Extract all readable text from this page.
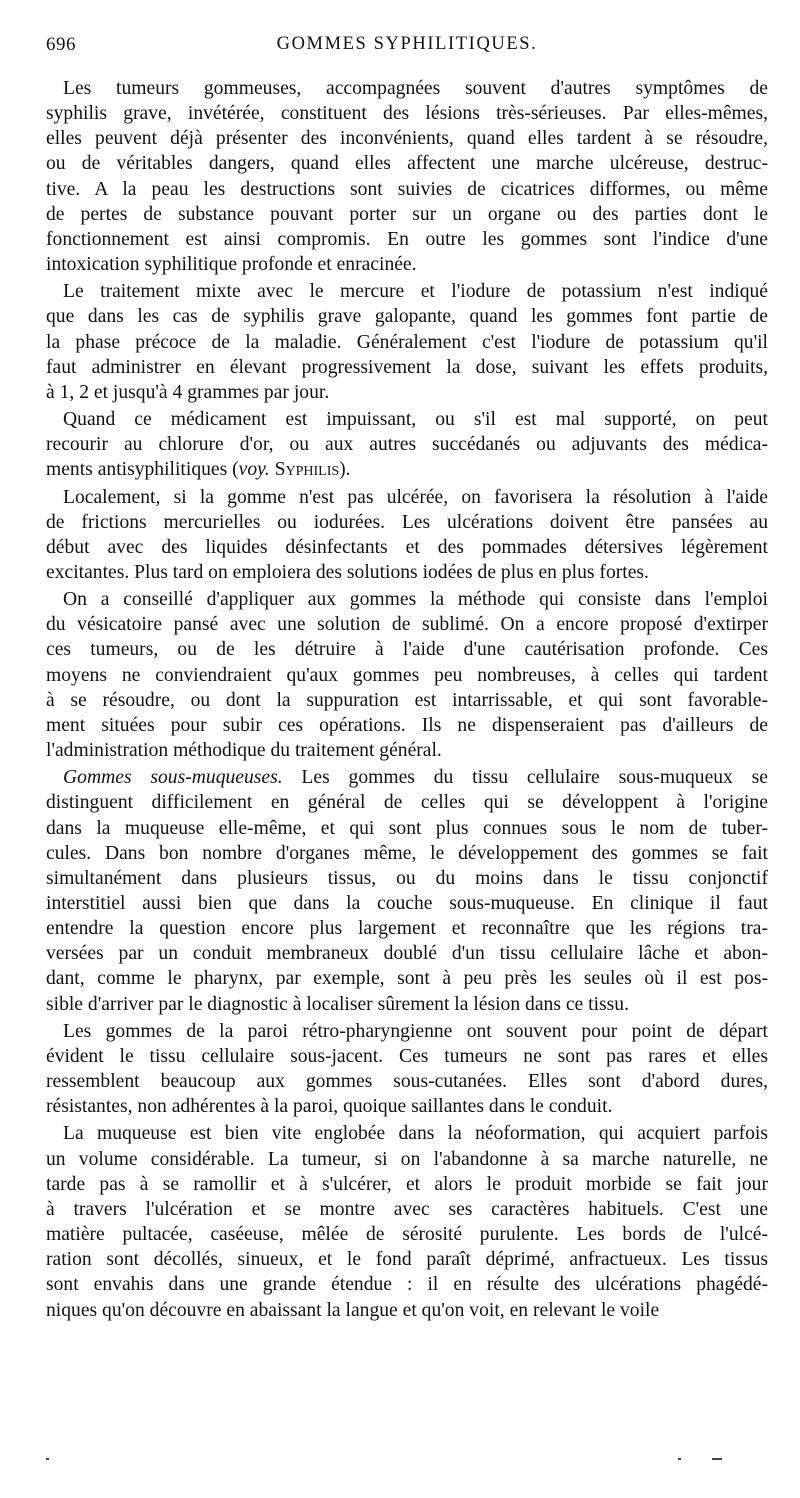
696	GOMMES SYPHILITIQUES.
Les tumeurs gommeuses, accompagnées souvent d'autres symptômes de
syphilis grave, invétérée, constituent des lésions très-sérieuses. Par elles-mêmes,
elles peuvent déjà présenter des inconvénients, quand elles tardent à se résoudre,
ou de véritables dangers, quand elles affectent une marche ulcéreuse, destruc-
tive. A la peau les destructions sont suivies de cicatrices difformes, ou même
de pertes de substance pouvant porter sur un organe ou des parties dont le
fonctionnement est ainsi compromis. En outre les gommes sont l'indice d'une
intoxication syphilitique profonde et enracinée.
Le traitement mixte avec le mercure et l'iodure de potassium n'est indiqué
que dans les cas de syphilis grave galopante, quand les gommes font partie de
la phase précoce de la maladie. Généralement c'est l'iodure de potassium qu'il
faut administrer en élevant progressivement la dose, suivant les effets produits,
à 1, 2 et jusqu'à 4 grammes par jour.
Quand ce médicament est impuissant, ou s'il est mal supporté, on peut
recourir au chlorure d'or, ou aux autres succédanés ou adjuvants des médica-
ments antisyphilitiques (voy. Syphilis).
Localement, si la gomme n'est pas ulcérée, on favorisera la résolution à l'aide
de frictions mercurielles ou iodurées. Les ulcérations doivent être pansées au
début avec des liquides désinfectants et des pommades détersives légèrement
excitantes. Plus tard on emploiera des solutions iodées de plus en plus fortes.
On a conseillé d'appliquer aux gommes la méthode qui consiste dans l'emploi
du vésicatoire pansé avec une solution de sublimé. On a encore proposé d'extirper
ces tumeurs, ou de les détruire à l'aide d'une cautérisation profonde. Ces
moyens ne conviendraient qu'aux gommes peu nombreuses, à celles qui tardent
à se résoudre, ou dont la suppuration est intarrissable, et qui sont favorable-
ment situées pour subir ces opérations. Ils ne dispenseraient pas d'ailleurs de
l'administration méthodique du traitement général.
Gommes sous-muqueuses. Les gommes du tissu cellulaire sous-muqueux se
distinguent difficilement en général de celles qui se développent à l'origine
dans la muqueuse elle-même, et qui sont plus connues sous le nom de tuber-
cules. Dans bon nombre d'organes même, le développement des gommes se fait
simultanément dans plusieurs tissus, ou du moins dans le tissu conjonctif
interstitiel aussi bien que dans la couche sous-muqueuse. En clinique il faut
entendre la question encore plus largement et reconnaître que les régions tra-
versées par un conduit membraneux doublé d'un tissu cellulaire lâche et abon-
dant, comme le pharynx, par exemple, sont à peu près les seules où il est pos-
sible d'arriver par le diagnostic à localiser sûrement la lésion dans ce tissu.
Les gommes de la paroi rétro-pharyngienne ont souvent pour point de départ
évident le tissu cellulaire sous-jacent. Ces tumeurs ne sont pas rares et elles
ressemblent beaucoup aux gommes sous-cutanées. Elles sont d'abord dures,
résistantes, non adhérentes à la paroi, quoique saillantes dans le conduit.
La muqueuse est bien vite englobée dans la néoformation, qui acquiert parfois
un volume considérable. La tumeur, si on l'abandonne à sa marche naturelle, ne
tarde pas à se ramollir et à s'ulcérer, et alors le produit morbide se fait jour
à travers l'ulcération et se montre avec ses caractères habituels. C'est une
matière pultacée, caséeuse, mêlée de sérosité purulente. Les bords de l'ulcé-
ration sont décollés, sinueux, et le fond paraît déprimé, anfractueux. Les tissus
sont envahis dans une grande étendue : il en résulte des ulcérations phagédé-
niques qu'on découvre en abaissant la langue et qu'on voit, en relevant le voile
